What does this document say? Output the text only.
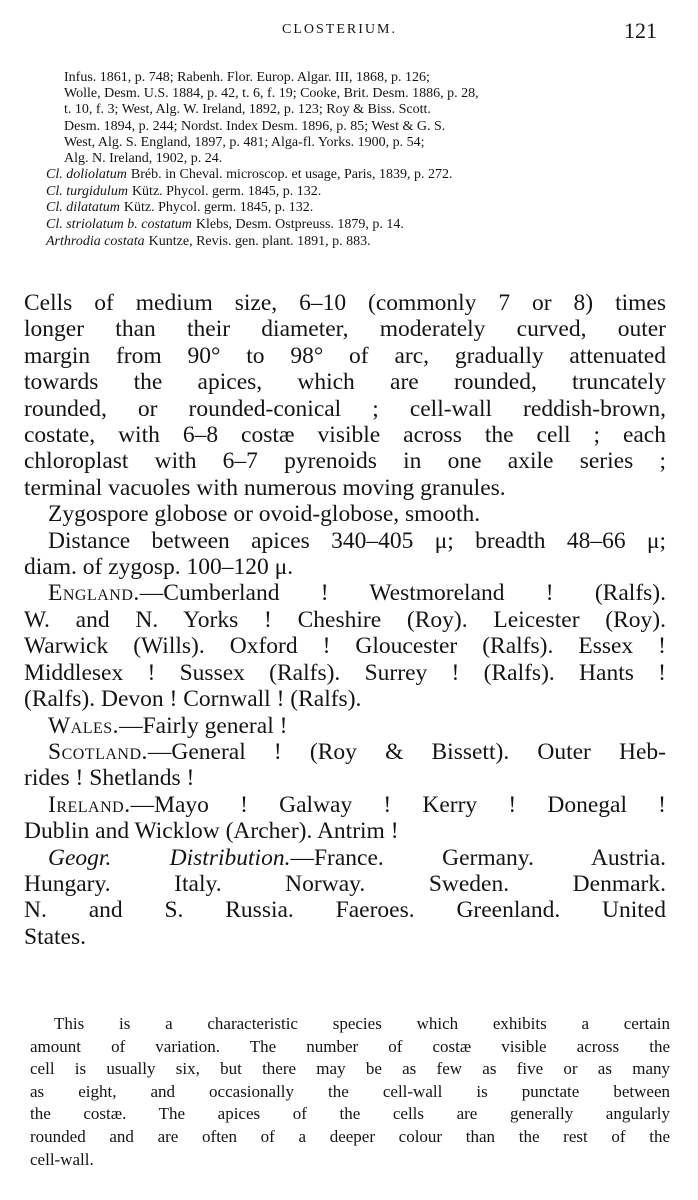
CLOSTERIUM.	121
Infus. 1861, p. 748; Rabenh. Flor. Europ. Algar. III, 1868, p. 126;
Wolle, Desm. U.S. 1884, p. 42, t. 6, f. 19; Cooke, Brit. Desm. 1886, p. 28,
t. 10, f. 3; West, Alg. W. Ireland, 1892, p. 123; Roy & Biss. Scott.
Desm. 1894, p. 244; Nordst. Index Desm. 1896, p. 85; West & G. S.
West, Alg. S. England, 1897, p. 481; Alga-fl. Yorks. 1900, p. 54;
Alg. N. Ireland, 1902, p. 24.
Cl. doliolatum Bréb. in Cheval. microscop. et usage, Paris, 1839, p. 272.
Cl. turgidulum Kütz. Phycol. germ. 1845, p. 132.
Cl. dilatatum Kütz. Phycol. germ. 1845, p. 132.
Cl. striolatum b. costatum Klebs, Desm. Ostpreuss. 1879, p. 14.
Arthrodia costata Kuntze, Revis. gen. plant. 1891, p. 883.
Cells of medium size, 6–10 (commonly 7 or 8) times
longer than their diameter, moderately curved, outer
margin from 90° to 98° of arc, gradually attenuated
towards the apices, which are rounded, truncately
rounded, or rounded-conical ; cell-wall reddish-brown,
costate, with 6–8 costæ visible across the cell ; each
chloroplast with 6–7 pyrenoids in one axile series ;
terminal vacuoles with numerous moving granules.
Zygospore globose or ovoid-globose, smooth.
Distance between apices 340–405 μ; breadth 48–66 μ;
diam. of zygosp. 100–120 μ.
England.—Cumberland ! Westmoreland ! (Ralfs).
W. and N. Yorks ! Cheshire (Roy). Leicester (Roy).
Warwick (Wills). Oxford ! Gloucester (Ralfs). Essex !
Middlesex ! Sussex (Ralfs). Surrey ! (Ralfs). Hants !
(Ralfs). Devon ! Cornwall ! (Ralfs).
Wales.—Fairly general !
Scotland.—General ! (Roy & Bissett). Outer Heb-
rides ! Shetlands !
Ireland.—Mayo ! Galway ! Kerry ! Donegal !
Dublin and Wicklow (Archer). Antrim !
Geogr. Distribution.—France. Germany. Austria.
Hungary. Italy. Norway. Sweden. Denmark.
N. and S. Russia. Faeroes. Greenland. United
States.
This is a characteristic species which exhibits a certain
amount of variation. The number of costæ visible across the
cell is usually six, but there may be as few as five or as many
as eight, and occasionally the cell-wall is punctate between
the costæ. The apices of the cells are generally angularly
rounded and are often of a deeper colour than the rest of the
cell-wall.
